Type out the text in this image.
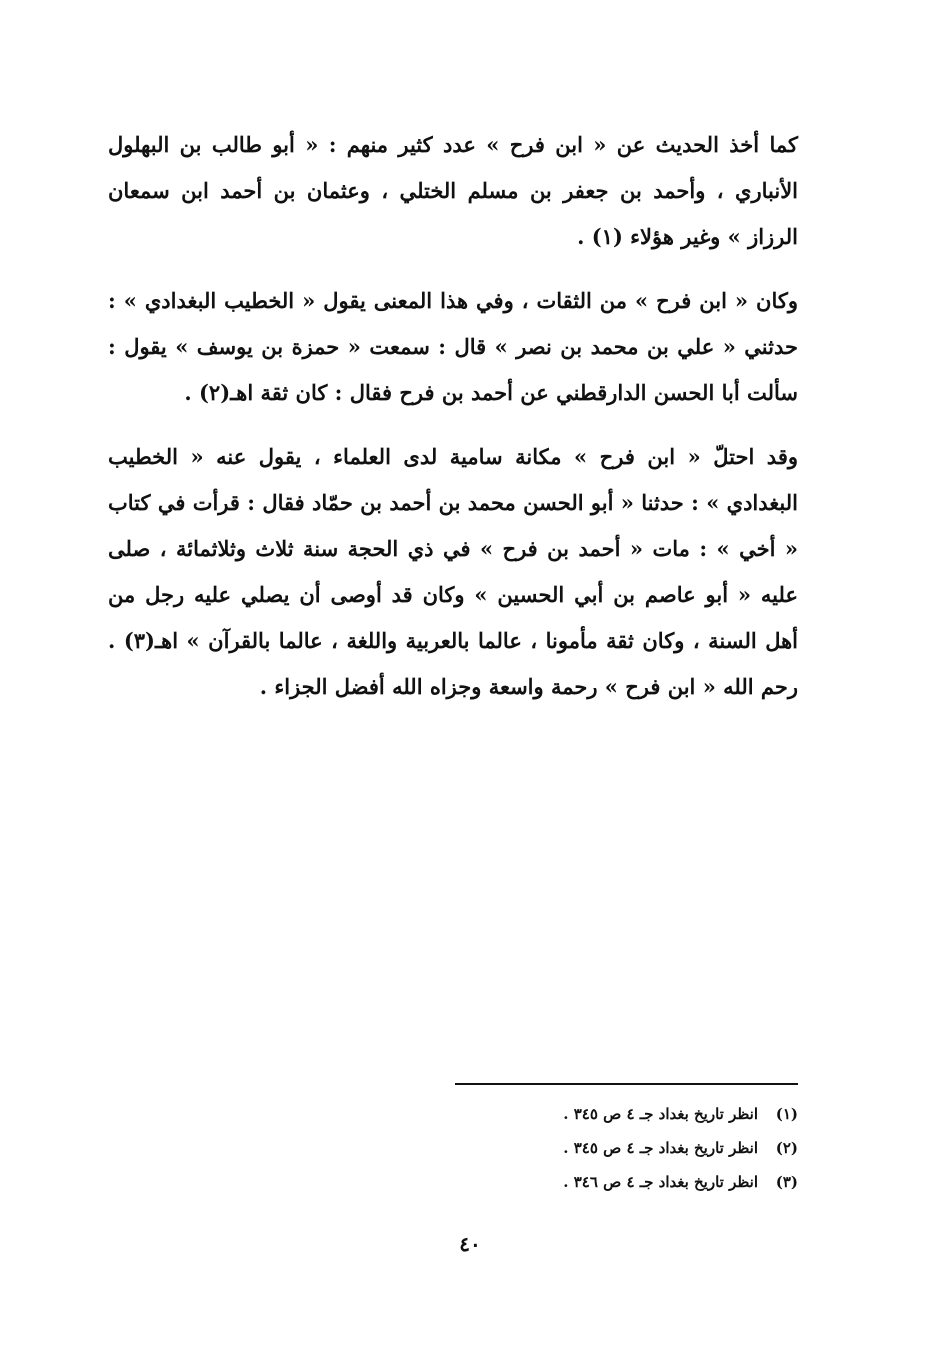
كما أخذ الحديث عن « ابن فرح » عدد كثير منهم : « أبو طالب بن البهلول الأنباري ، وأحمد بن جعفر بن مسلم الختلي ، وعثمان بن أحمد ابن سمعان الرزاز » وغير هؤلاء (١) .

وكان « ابن فرح » من الثقات ، وفي هذا المعنى يقول « الخطيب البغدادي » : حدثني « علي بن محمد بن نصر » قال : سمعت « حمزة بن يوسف » يقول : سألت أبا الحسن الدارقطني عن أحمد بن فرح فقال : كان ثقة اهـ(٢) .

وقد احتلّ « ابن فرح » مكانة سامية لدى العلماء ، يقول عنه « الخطيب البغدادي » : حدثنا « أبو الحسن محمد بن أحمد بن حمّاد فقال : قرأت في كتاب « أخي » : مات « أحمد بن فرح » في ذي الحجة سنة ثلاث وثلاثمائة ، صلى عليه « أبو عاصم بن أبي الحسين » وكان قد أوصى أن يصلي عليه رجل من أهل السنة ، وكان ثقة مأمونا ، عالما بالعربية واللغة ، عالما بالقرآن » اهـ(٣) . رحم الله « ابن فرح » رحمة واسعة وجزاه الله أفضل الجزاء .

(١)
انظر تاريخ بغداد جـ ٤ ص ٣٤٥ .
(٢)
انظر تاريخ بغداد جـ ٤ ص ٣٤٥ .
(٣)
انظر تاريخ بغداد جـ ٤ ص ٣٤٦ .
٤٠
